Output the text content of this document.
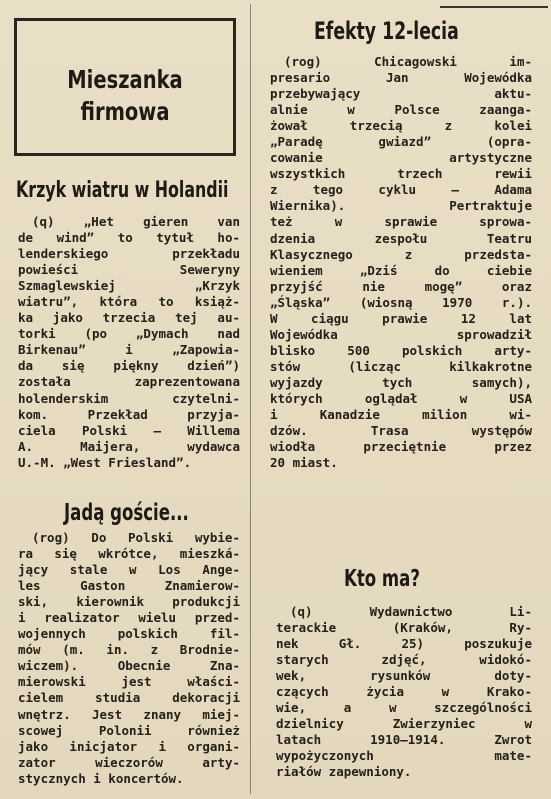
Mieszanka
firmowa
Krzyk wiatru w Holandii
(q) „Het gieren van
de wind” to tytuł ho-
lenderskiego przekładu
powieści Seweryny
Szmaglewskiej „Krzyk
wiatru”, która to książ-
ka jako trzecia tej au-
torki (po „Dymach nad
Birkenau” i „Zapowia-
da się piękny dzień”)
została zaprezentowana
holenderskim czytelni-
kom. Przekład przyja-
ciela Polski — Willema
A. Maijera, wydawca
U.-M. „West Friesland”.
Jadą goście...
(rog) Do Polski wybie-
ra się wkrótce, mieszká-
jący stale w Los Ange-
les Gaston Znamierow-
ski, kierownik produkcji
i realizator wielu przed-
wojennych polskich fil-
mów (m. in. z Brodnie-
wiczem). Obecnie Zna-
mierowski jest właści-
cielem studia dekoracji
wnętrz. Jest znany miej-
scowej Polonii również
jako inicjator i organi-
zator wieczorów arty-
stycznych i koncertów.
Efekty 12-lecia
(rog) Chicagowski im-
presario Jan Wojewódka
przebywający aktu-
alnie w Polsce zaanga-
żował trzecią z kolei
„Paradę gwiazd” (opra-
cowanie artystyczne
wszystkich trzech rewii
z tego cyklu — Adama
Wiernika). Pertraktuje
też w sprawie sprowa-
dzenia zespołu Teatru
Klasycznego z przedsta-
wieniem „Dziś do ciebie
przyjść nie mogę” oraz
„Śląska” (wiosną 1970 r.).
W ciągu prawie 12 lat
Wojewódka sprowadził
blisko 500 polskich arty-
stów (licząc kilkakrotne
wyjazdy tych samych),
których oglądał w USA
i Kanadzie milion wi-
dzów. Trasa występów
wiodła przeciętnie przez
20 miast.
Kto ma?
(q) Wydawnictwo Li-
terackie (Kraków, Ry-
nek Gł. 25) poszukuje
starych zdjęć, widokó-
wek, rysunków doty-
czących życia w Krako-
wie, a w szczególności
dzielnicy Zwierzyniec w
latach 1910—1914. Zwrot
wypożyczonych mate-
riałów zapewniony.
